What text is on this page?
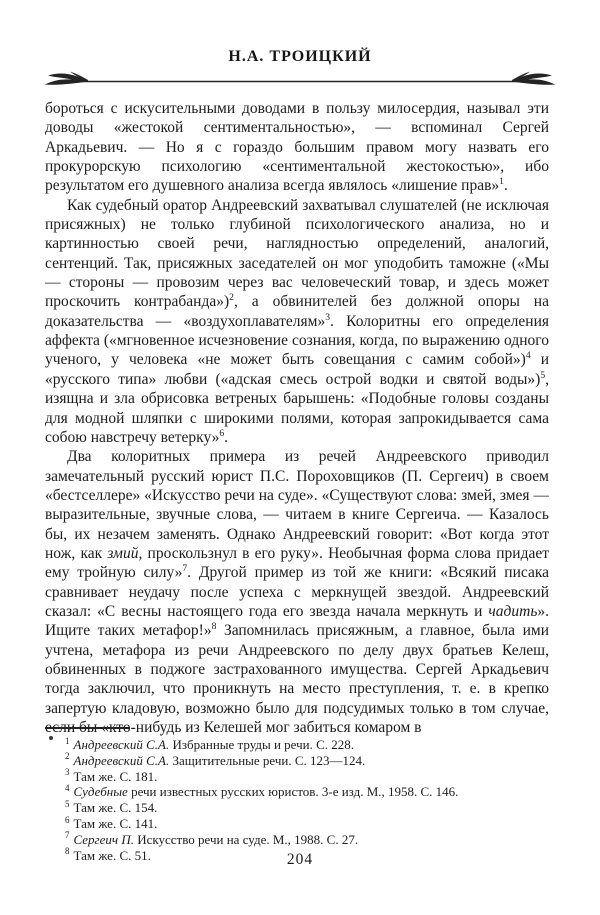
Н.А. ТРОИЦКИЙ

бороться с искусительными доводами в пользу милосердия, называл эти доводы «жестокой сентиментальностью», — вспоминал Сергей Аркадьевич. — Но я с гораздо большим правом могу назвать его прокурорскую психологию «сентиментальной жестокостью», ибо результатом его душевного анализа всегда являлось «лишение прав»$^1$.

Как судебный оратор Андреевский захватывал слушателей (не исключая присяжных) не только глубиной психологического анализа, но и картинностью своей речи, наглядностью определений, аналогий, сентенций. Так, присяжных заседателей он мог уподобить таможне («Мы — стороны — провозим через вас человеческий товар, и здесь может проскочить контрабанда»)$^2$, а обвинителей без должной опоры на доказательства — «воздухоплавателям»$^3$. Колоритны его определения аффекта («мгновенное исчезновение сознания, когда, по выражению одного ученого, у человека «не может быть совещания с самим собой»)$^4$ и «русского типа» любви («адская смесь острой водки и святой воды»)$^5$, изящна и зла обрисовка ветреных барышень: «Подобные головы созданы для модной шляпки с широкими полями, которая запрокидывается сама собою навстречу ветерку»$^6$.

Два колоритных примера из речей Андреевского приводил замечательный русский юрист П.С. Пороховщиков (П. Сергеич) в своем «бестселлере» «Искусство речи на суде». «Существуют слова: змей, змея — выразительные, звучные слова, — читаем в книге Сергеича. — Казалось бы, их незачем заменять. Однако Андреевский говорит: «Вот когда этот нож, как змий, проскользнул в его руку». Необычная форма слова придает ему тройную силу»$^7$. Другой пример из той же книги: «Всякий писака сравнивает неудачу после успеха с меркнущей звездой. Андреевский сказал: «С весны настоящего года его звезда начала меркнуть и чадить». Ищите таких метафор!»$^8$ Запомнилась присяжным, а главное, была ими учтена, метафора из речи Андреевского по делу двух братьев Келеш, обвиненных в поджоге застрахованного имущества. Сергей Аркадьевич тогда заключил, что проникнуть на место преступления, т. е. в крепко запертую кладовую, возможно было для подсудимых только в том случае, если бы «кто-нибудь из Келешей мог забиться комаром в

$^1$ Андреевский С.А. Избранные труды и речи. С. 228.

$^2$ Андреевский С.А. Защитительные речи. С. 123—124.

$^3$ Там же. С. 181.

$^4$ Судебные речи известных русских юристов. 3-е изд. М., 1958. С. 146.

$^5$ Там же. С. 154.

$^6$ Там же. С. 141.

$^7$ Сергеич П. Искусство речи на суде. М., 1988. С. 27.

$^8$ Там же. С. 51.	204
